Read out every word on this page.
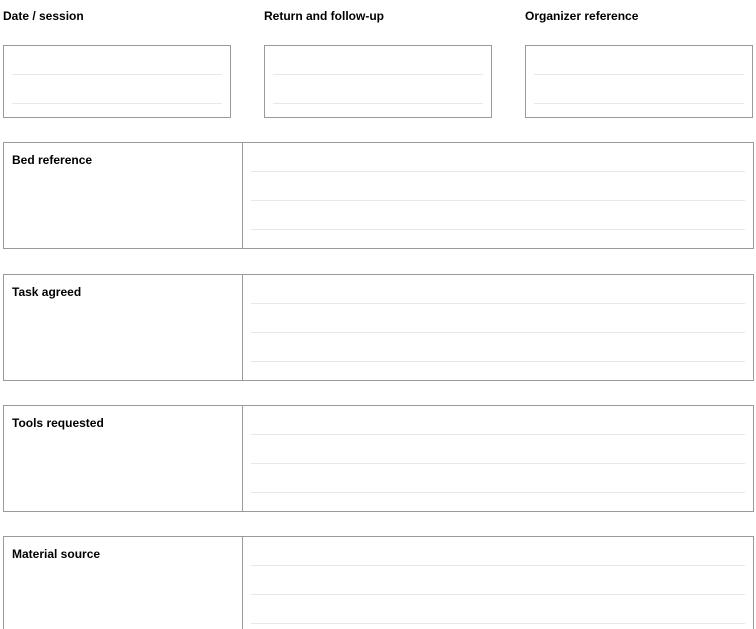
Date / session	Return and follow-up	Organizer reference
Bed reference
Task agreed
Tools requested
Material source
